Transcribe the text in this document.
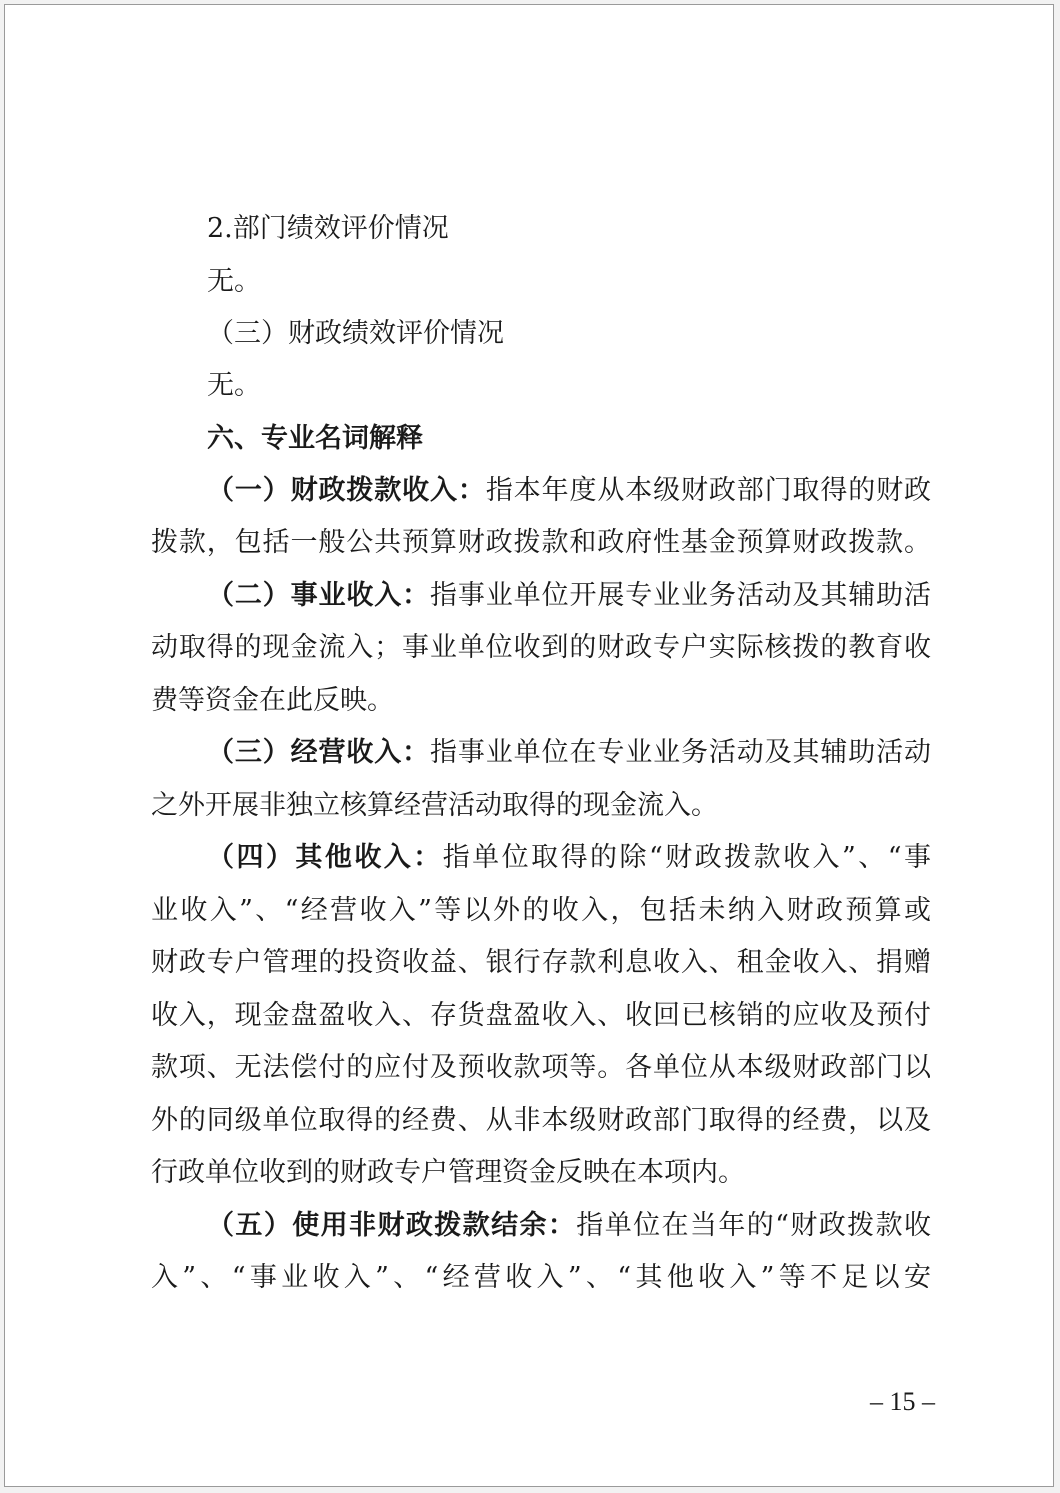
2.部门绩效评价情况
无。
（三）财政绩效评价情况
无。
六、专业名词解释
（一）财政拨款收入：指本年度从本级财政部门取得的财政
拨款，包括一般公共预算财政拨款和政府性基金预算财政拨款。
（二）事业收入：指事业单位开展专业业务活动及其辅助活
动取得的现金流入；事业单位收到的财政专户实际核拨的教育收
费等资金在此反映。
（三）经营收入：指事业单位在专业业务活动及其辅助活动
之外开展非独立核算经营活动取得的现金流入。
（四）其他收入：指单位取得的除“财政拨款收入”、“事
业收入”、“经营收入”等以外的收入，包括未纳入财政预算或
财政专户管理的投资收益、银行存款利息收入、租金收入、捐赠
收入，现金盘盈收入、存货盘盈收入、收回已核销的应收及预付
款项、无法偿付的应付及预收款项等。各单位从本级财政部门以
外的同级单位取得的经费、从非本级财政部门取得的经费，以及
行政单位收到的财政专户管理资金反映在本项内。
（五）使用非财政拨款结余：指单位在当年的“财政拨款收
入”、“事业收入”、“经营收入”、“其他收入”等不足以安
– 15 –
